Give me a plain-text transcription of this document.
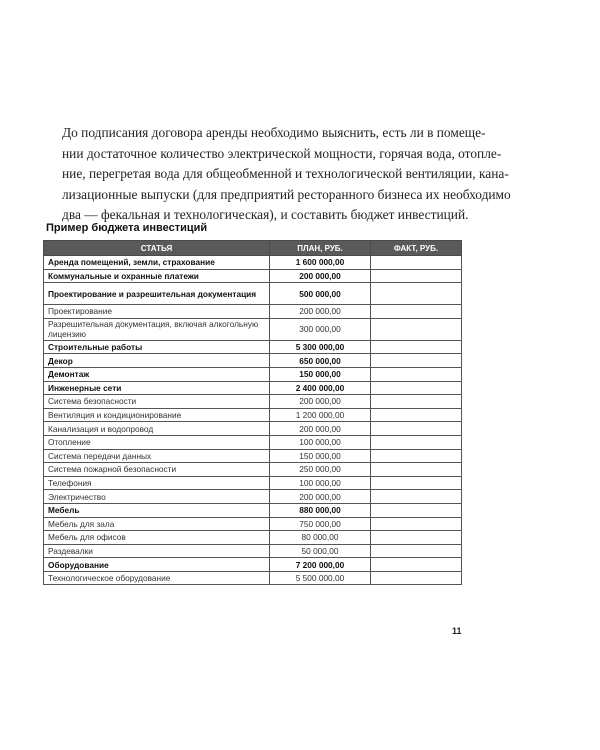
До подписания договора аренды необходимо выяснить, есть ли в помеще-
нии достаточное количество электрической мощности, горячая вода, отопле-
ние, перегретая вода для общеобменной и технологической вентиляции, кана-
лизационные выпуски (для предприятий ресторанного бизнеса их необходимо
два — фекальная и технологическая), и составить бюджет инвестиций.
Пример бюджета инвестиций
СТАТЬЯ	ПЛАН, РУБ.	ФАКТ, РУБ.
Аренда помещений, земли, страхование	1 600 000,00	
Коммунальные и охранные платежи	200 000,00	
Проектирование и разрешительная документация	500 000,00	
Проектирование	200 000,00	
Разрешительная документация, включая алкогольную лицензию	300 000,00	
Строительные работы	5 300 000,00	
Декор	650 000,00	
Демонтаж	150 000,00	
Инженерные сети	2 400 000,00	
Система безопасности	200 000,00	
Вентиляция и кондиционирование	1 200 000,00	
Канализация и водопровод	200 000,00	
Отопление	100 000,00	
Система передачи данных	150 000,00	
Система пожарной безопасности	250 000,00	
Телефония	100 000,00	
Электричество	200 000,00	
Мебель	880 000,00	
Мебель для зала	750 000,00	
Мебель для офисов	80 000,00	
Раздевалки	50 000,00	
Оборудование	7 200 000,00	
Технологическое оборудование	5 500 000,00	
11
